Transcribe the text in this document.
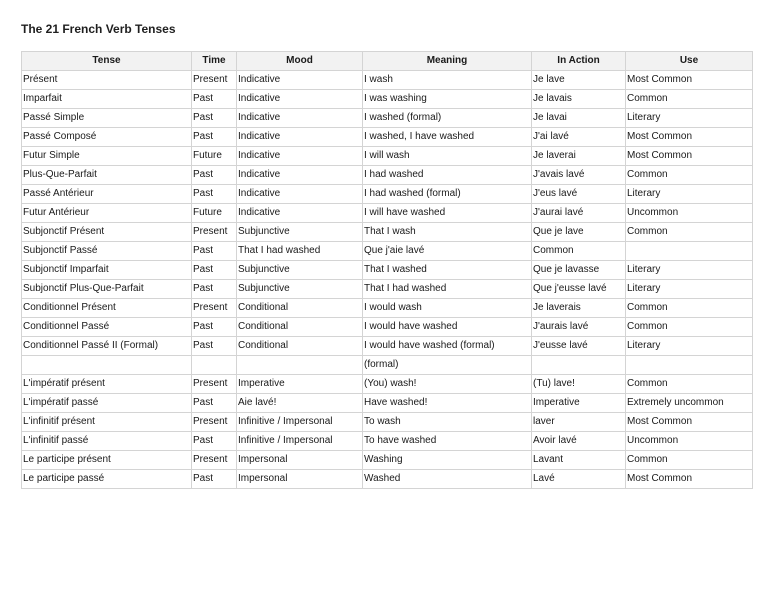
The 21 French Verb Tenses
Tense	Time	Mood	Meaning	In Action	Use
Présent	Present	Indicative	I wash	Je lave	Most Common
Imparfait	Past	Indicative	I was washing	Je lavais	Common
Passé Simple	Past	Indicative	I washed (formal)	Je lavai	Literary
Passé Composé	Past	Indicative	I washed, I have washed	J'ai lavé	Most Common
Futur Simple	Future	Indicative	I will wash	Je laverai	Most Common
Plus-Que-Parfait	Past	Indicative	I had washed	J'avais lavé	Common
Passé Antérieur	Past	Indicative	I had washed (formal)	J'eus lavé	Literary
Futur Antérieur	Future	Indicative	I will have washed	J'aurai lavé	Uncommon
Subjonctif Présent	Present	Subjunctive	That I wash	Que je lave	Common
Subjonctif Passé	Past	That I had washed	Que j'aie lavé	Common	
Subjonctif Imparfait	Past	Subjunctive	That I washed	Que je lavasse	Literary
Subjonctif Plus-Que-Parfait	Past	Subjunctive	That I had washed	Que j'eusse lavé	Literary
Conditionnel Présent	Present	Conditional	I would wash	Je laverais	Common
Conditionnel Passé	Past	Conditional	I would have washed	J'aurais lavé	Common
Conditionnel Passé II (Formal)	Past	Conditional	I would have washed (formal)	J'eusse lavé	Literary
			(formal)		
L'impératif présent	Present	Imperative	(You) wash!	(Tu) lave!	Common
L'impératif passé	Past	Aie lavé!	Have washed!	Imperative	Extremely uncommon
L'infinitif présent	Present	Infinitive / Impersonal	To wash	laver	Most Common
L'infinitif passé	Past	Infinitive / Impersonal	To have washed	Avoir lavé	Uncommon
Le participe présent	Present	Impersonal	Washing	Lavant	Common
Le participe passé	Past	Impersonal	Washed	Lavé	Most Common
